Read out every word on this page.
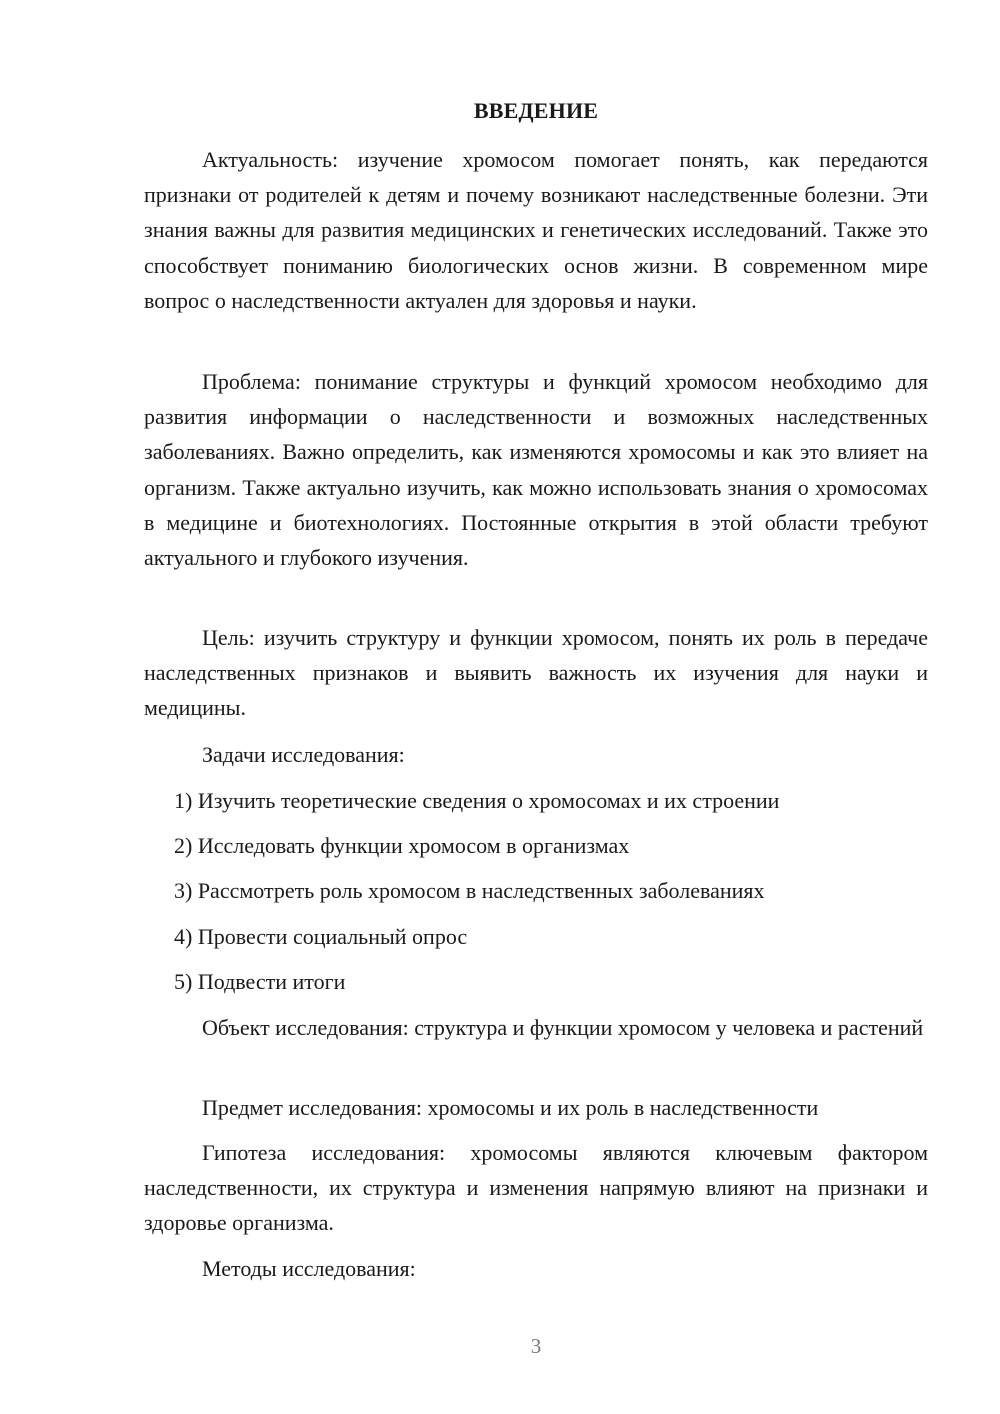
ВВЕДЕНИЕ

Актуальность: изучение хромосом помогает понять, как передаются признаки от родителей к детям и почему возникают наследственные болезни. Эти знания важны для развития медицинских и генетических исследований. Также это способствует пониманию биологических основ жизни. В современном мире вопрос о наследственности актуален для здоровья и науки.

Проблема: понимание структуры и функций хромосом необходимо для развития информации о наследственности и возможных наследственных заболеваниях. Важно определить, как изменяются хромосомы и как это влияет на организм. Также актуально изучить, как можно использовать знания о хромосомах в медицине и биотехнологиях. Постоянные открытия в этой области требуют актуального и глубокого изучения.

Цель: изучить структуру и функции хромосом, понять их роль в передаче наследственных признаков и выявить важность их изучения для науки и медицины.

Задачи исследования:

1) Изучить теоретические сведения о хромосомах и их строении

2) Исследовать функции хромосом в организмах

3) Рассмотреть роль хромосом в наследственных заболеваниях

4) Провести социальный опрос

5) Подвести итоги

Объект исследования: структура и функции хромосом у человека и растений

Предмет исследования: хромосомы и их роль в наследственности

Гипотеза исследования: хромосомы являются ключевым фактором наследственности, их структура и изменения напрямую влияют на признаки и здоровье организма.

Методы исследования:

3
